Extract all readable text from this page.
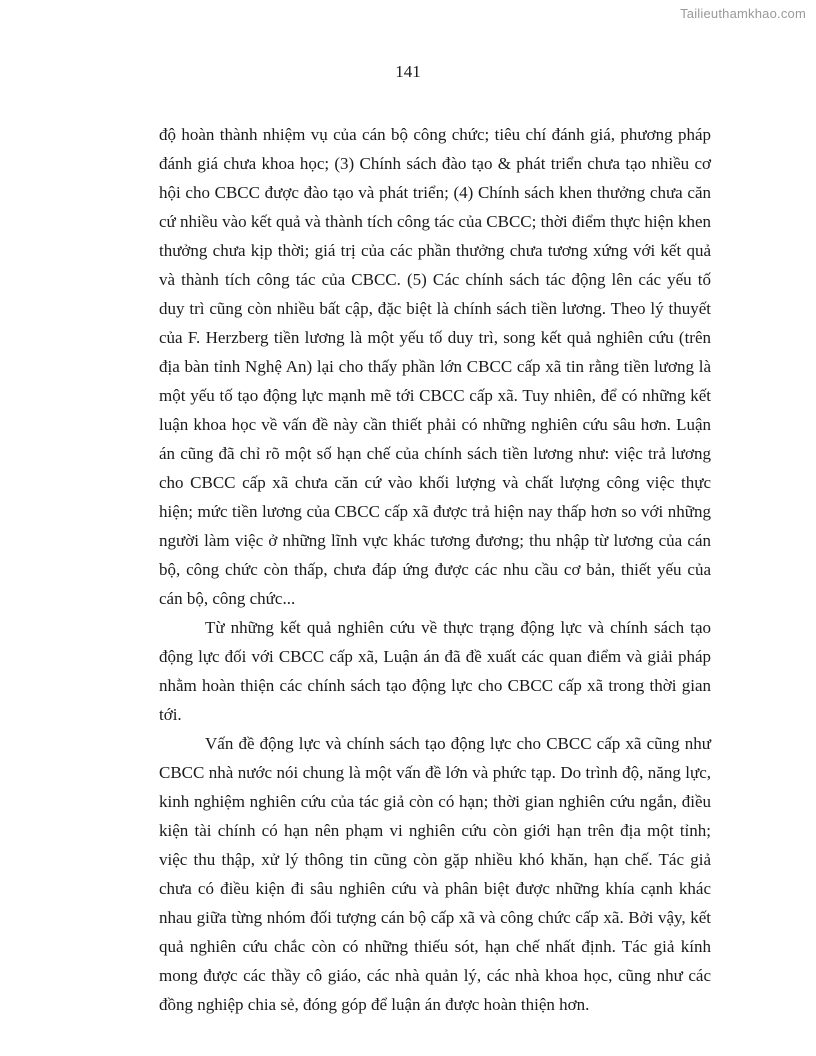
Tailieuthamkhao.com
141

độ hoàn thành nhiệm vụ của cán bộ công chức; tiêu chí đánh giá, phương pháp đánh giá chưa khoa học; (3) Chính sách đào tạo & phát triển chưa tạo nhiều cơ hội cho CBCC được đào tạo và phát triển; (4) Chính sách khen thưởng chưa căn cứ nhiều vào kết quả và thành tích công tác của CBCC; thời điểm thực hiện khen thưởng chưa kịp thời; giá trị của các phần thưởng chưa tương xứng với kết quả và thành tích công tác của CBCC. (5) Các chính sách tác động lên các yếu tố duy trì cũng còn nhiều bất cập, đặc biệt là chính sách tiền lương. Theo lý thuyết của F. Herzberg tiền lương là một yếu tố duy trì, song kết quả nghiên cứu (trên địa bàn tỉnh Nghệ An) lại cho thấy phần lớn CBCC cấp xã tin rằng tiền lương là một yếu tố tạo động lực mạnh mẽ tới CBCC cấp xã. Tuy nhiên, để có những kết luận khoa học về vấn đề này cần thiết phải có những nghiên cứu sâu hơn. Luận án cũng đã chỉ rõ một số hạn chế của chính sách tiền lương như: việc trả lương cho CBCC cấp xã chưa căn cứ vào khối lượng và chất lượng công việc thực hiện; mức tiền lương của CBCC cấp xã được trả hiện nay thấp hơn so với những người làm việc ở những lĩnh vực khác tương đương; thu nhập từ lương của cán bộ, công chức còn thấp, chưa đáp ứng được các nhu cầu cơ bản, thiết yếu của cán bộ, công chức...

Từ những kết quả nghiên cứu về thực trạng động lực và chính sách tạo động lực đối với CBCC cấp xã, Luận án đã đề xuất các quan điểm và giải pháp nhằm hoàn thiện các chính sách tạo động lực cho CBCC cấp xã trong thời gian tới.

Vấn đề động lực và chính sách tạo động lực cho CBCC cấp xã cũng như CBCC nhà nước nói chung là một vấn đề lớn và phức tạp. Do trình độ, năng lực, kinh nghiệm nghiên cứu của tác giả còn có hạn; thời gian nghiên cứu ngắn, điều kiện tài chính có hạn nên phạm vi nghiên cứu còn giới hạn trên địa một tỉnh; việc thu thập, xử lý thông tin cũng còn gặp nhiều khó khăn, hạn chế. Tác giả chưa có điều kiện đi sâu nghiên cứu và phân biệt được những khía cạnh khác nhau giữa từng nhóm đối tượng cán bộ cấp xã và công chức cấp xã. Bởi vậy, kết quả nghiên cứu chắc còn có những thiếu sót, hạn chế nhất định. Tác giả kính mong được các thầy cô giáo, các nhà quản lý, các nhà khoa học, cũng như các đồng nghiệp chia sẻ, đóng góp để luận án được hoàn thiện hơn.
